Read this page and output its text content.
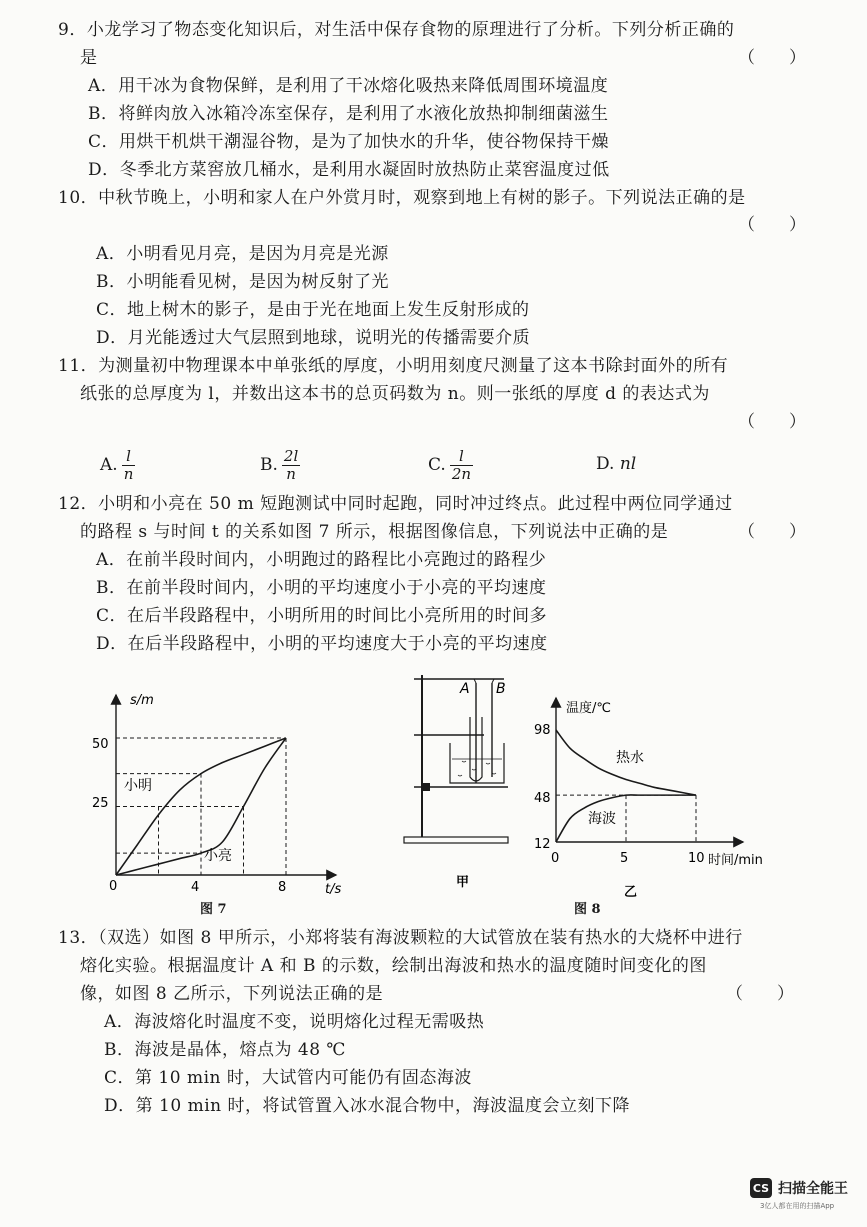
9．小龙学习了物态变化知识后，对生活中保存食物的原理进行了分析。下列分析正确的
是	（　　）
A．用干冰为食物保鲜，是利用了干冰熔化吸热来降低周围环境温度
B．将鲜肉放入冰箱冷冻室保存，是利用了水液化放热抑制细菌滋生
C．用烘干机烘干潮湿谷物，是为了加快水的升华，使谷物保持干燥
D．冬季北方菜窖放几桶水，是利用水凝固时放热防止菜窖温度过低
10．中秋节晚上，小明和家人在户外赏月时，观察到地上有树的影子。下列说法正确的是
（　　）
A．小明看见月亮，是因为月亮是光源
B．小明能看见树，是因为树反射了光
C．地上树木的影子，是由于光在地面上发生反射形成的
D．月光能透过大气层照到地球，说明光的传播需要介质
11．为测量初中物理课本中单张纸的厚度，小明用刻度尺测量了这本书除封面外的所有
纸张的总厚度为 l，并数出这本书的总页码数为 n。则一张纸的厚度 d 的表达式为
（　　）
A. $\frac{l}{n}$	B. $\frac{2l}{n}$	C. $\frac{l}{2n}$	D. nl
12．小明和小亮在 50 m 短跑测试中同时起跑，同时冲过终点。此过程中两位同学通过
的路程 s 与时间 t 的关系如图 7 所示，根据图像信息，下列说法中正确的是	（　　）
A．在前半段时间内，小明跑过的路程比小亮跑过的路程少
B．在前半段时间内，小明的平均速度小于小亮的平均速度
C．在后半段路程中，小明所用的时间比小亮所用的时间多
D．在后半段路程中，小明的平均速度大于小亮的平均速度
s/m
t/s
0
50
25
4	8
小明
小亮
图 7
A B
甲
温度/℃
时间/min
0
98
48
12
5	10
热水
海波
乙
图 8
13．（双选）如图 8 甲所示，小郑将装有海波颗粒的大试管放在装有热水的大烧杯中进行
熔化实验。根据温度计 A 和 B 的示数，绘制出海波和热水的温度随时间变化的图
像，如图 8 乙所示，下列说法正确的是	（　　）
A．海波熔化时温度不变，说明熔化过程无需吸热
B．海波是晶体，熔点为 48 ℃
C．第 10 min 时，大试管内可能仍有固态海波
D．第 10 min 时，将试管置入冰水混合物中，海波温度会立刻下降
CS 扫描全能王
3亿人都在用的扫描App
